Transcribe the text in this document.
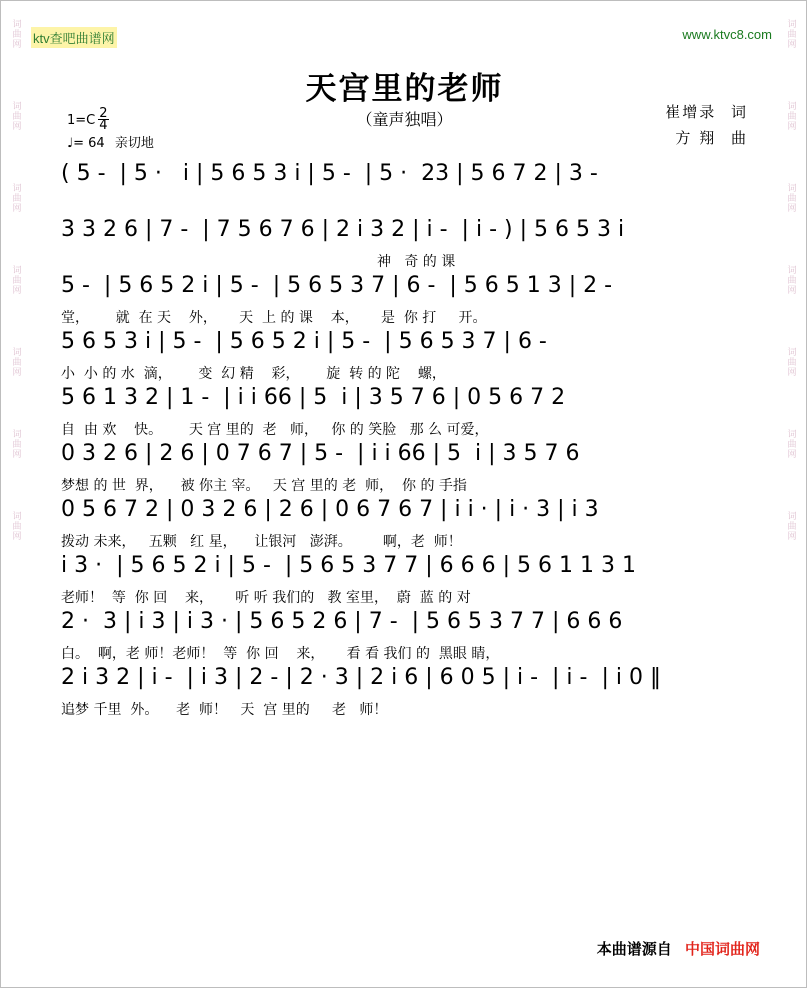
词曲网
词曲网
词曲网
词曲网
词曲网
词曲网
词曲网
词曲网
词曲网
词曲网
词曲网
词曲网
词曲网
词曲网
ktv查吧曲谱网	www.ktvc8.com
天宫里的老师
（童声独唱）	崔增录 词
方 翔 曲
$1=C \frac{2}{4}$
♩= 64 亲切地
( 5 -  | 5 ·   i | 5 6 5 3 i | 5 -  | 5 ·  23 | 5 6 7 2 | 3 -
3 3 2 6 | 7 -  | 7 5 6 7 6 | 2 i 3 2 | i -  | i - ) | 5 6 5 3 i
神   奇 的 课
5 -  | 5 6 5 2 i | 5 -  | 5 6 5 3 7 | 6 -  | 5 6 5 1 3 | 2 -
堂，      就  在 天    外，     天  上 的 课    本，     是  你 打     开。
5 6 5 3 i | 5 -  | 5 6 5 2 i | 5 -  | 5 6 5 3 7 | 6 -
小  小 的 水  滴，      变  幻 精    彩，      旋  转 的 陀    螺，
5 6 1 3 2 | 1 -  | i i 66 | 5  i | 3 5 7 6 | 0 5 6 7 2
自  由 欢    快。      天 宫 里的  老   师，   你 的 笑脸   那 么 可爱，
0 3 2 6 | 2 6 | 0 7 6 7 | 5 -  | i i 66 | 5  i | 3 5 7 6
梦想 的 世  界，    被 你主 宰。   天 宫 里的 老  师，  你 的 手指
0 5 6 7 2 | 0 3 2 6 | 2 6 | 0 6 7 6 7 | i i · | i · 3 | i 3
拨动 未来，   五颗   红 星，    让银河   澎湃。       啊，老  师！
i 3 ·  | 5 6 5 2 i | 5 -  | 5 6 5 3 7 7 | 6 6 6 | 5 6 1 1 3 1
老师！  等  你 回    来，     听 听 我们的   教 室里，  蔚  蓝 的 对
2 ·  3 | i 3 | i 3 · | 5 6 5 2 6 | 7 -  | 5 6 5 3 7 7 | 6 6 6
白。  啊，老 师！老师！  等  你 回    来，     看 看 我们 的  黑眼 睛，
2 i 3 2 | i -  | i 3 | 2 - | 2 · 3 | 2 i 6 | 6 0 5 | i -  | i -  | i 0 ‖
追梦 千里  外。    老  师！   天  宫 里的     老   师！
本曲谱源自 中国词曲网
